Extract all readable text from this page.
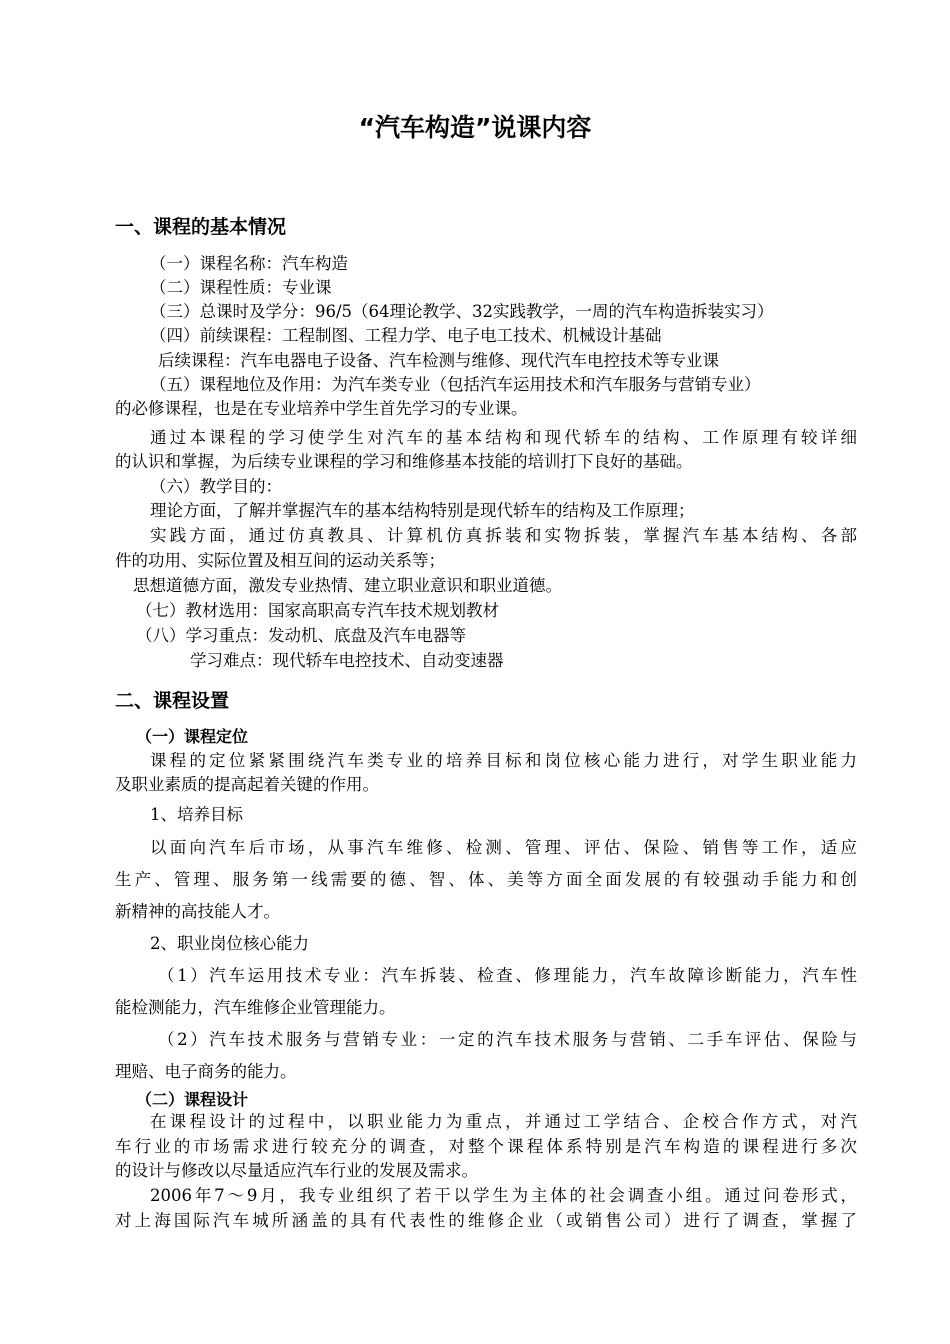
“汽车构造”说课内容
一、课程的基本情况

（一）课程名称：汽车构造

（二）课程性质：专业课

（三）总课时及学分：96/5（64理论教学、32实践教学，一周的汽车构造拆装实习）

（四）前续课程：工程制图、工程力学、电子电工技术、机械设计基础

后续课程：汽车电器电子设备、汽车检测与维修、现代汽车电控技术等专业课

（五）课程地位及作用：为汽车类专业（包括汽车运用技术和汽车服务与营销专业）

的必修课程，也是在专业培养中学生首先学习的专业课。

通过本课程的学习使学生对汽车的基本结构和现代轿车的结构、工作原理有较详细

的认识和掌握，为后续专业课程的学习和维修基本技能的培训打下良好的基础。

（六）教学目的：

理论方面，了解并掌握汽车的基本结构特别是现代轿车的结构及工作原理；

实践方面，通过仿真教具、计算机仿真拆装和实物拆装，掌握汽车基本结构、各部

件的功用、实际位置及相互间的运动关系等；

思想道德方面，激发专业热情、建立职业意识和职业道德。

（七）教材选用：国家高职高专汽车技术规划教材

（八）学习重点：发动机、底盘及汽车电器等

学习难点：现代轿车电控技术、自动变速器

二、课程设置
（一）课程定位

课程的定位紧紧围绕汽车类专业的培养目标和岗位核心能力进行，对学生职业能力

及职业素质的提高起着关键的作用。

1、培养目标

以面向汽车后市场，从事汽车维修、检测、管理、评估、保险、销售等工作，适应

生产、管理、服务第一线需要的德、智、体、美等方面全面发展的有较强动手能力和创

新精神的高技能人才。

2、职业岗位核心能力

（1）汽车运用技术专业：汽车拆装、检查、修理能力，汽车故障诊断能力，汽车性

能检测能力，汽车维修企业管理能力。

（2）汽车技术服务与营销专业：一定的汽车技术服务与营销、二手车评估、保险与

理赔、电子商务的能力。

（二）课程设计

在课程设计的过程中，以职业能力为重点，并通过工学结合、企校合作方式，对汽

车行业的市场需求进行较充分的调查，对整个课程体系特别是汽车构造的课程进行多次

的设计与修改以尽量适应汽车行业的发展及需求。

2006年7～9月，我专业组织了若干以学生为主体的社会调查小组。通过问卷形式，

对上海国际汽车城所涵盖的具有代表性的维修企业（或销售公司）进行了调查，掌握了
